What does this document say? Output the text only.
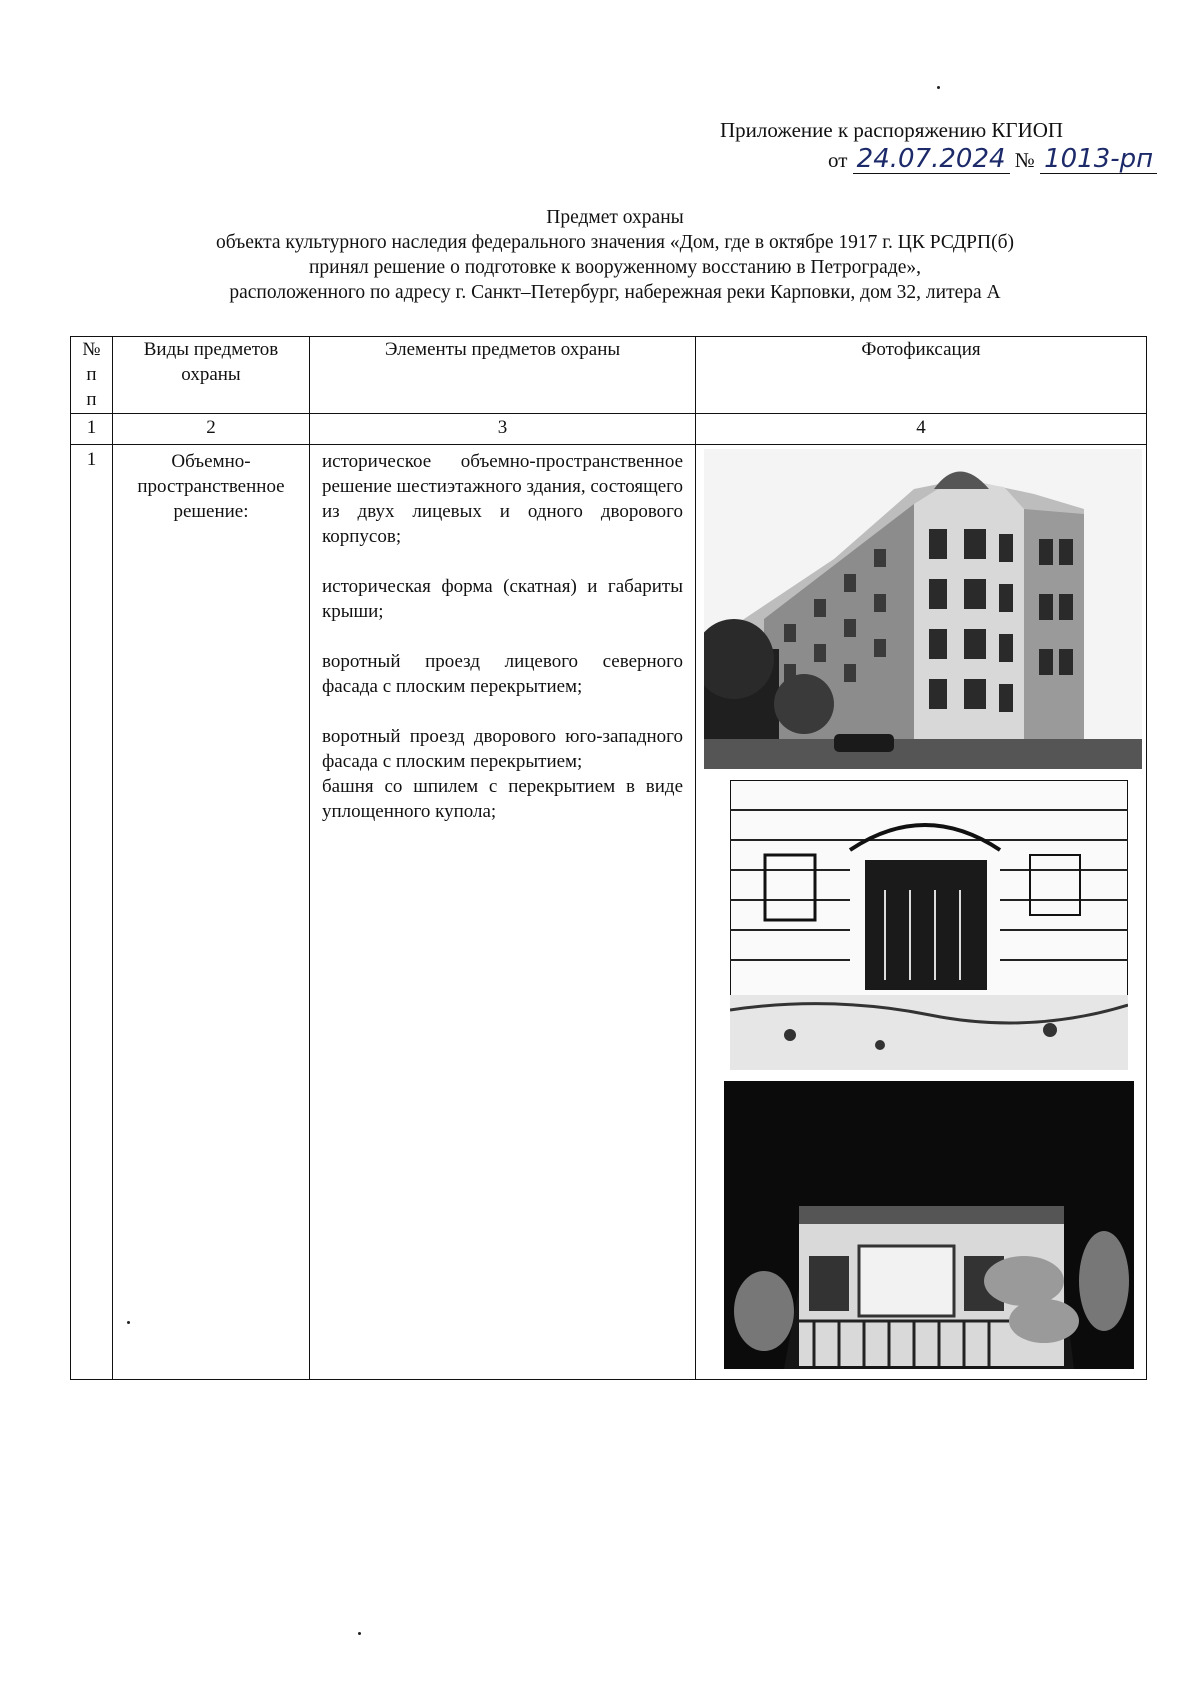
Приложение к распоряжению КГИОП
от 24.07.2024 № 1013-рп
Предмет охраны
объекта культурного наследия федерального значения «Дом, где в октябре 1917 г. ЦК РСДРП(б)
принял решение о подготовке к вооруженному восстанию в Петрограде»,
расположенного по адресу г. Санкт–Петербург, набережная реки Карповки, дом 32, литера А
№
п
п	Виды предметов охраны	Элементы предметов охраны	Фотофиксация
1	2	3	4
1	Объемно-пространственное решение:	историческое объемно-пространственное решение шестиэтажного здания, состоящего из двух лицевых и одного дворового корпусов;

историческая форма (скатная) и габариты крыши;

воротный проезд лицевого северного фасада с плоским перекрытием;

воротный проезд дворового юго-западного фасада с плоским перекрытием;

башня со шпилем с перекрытием в виде уплощенного купола;
